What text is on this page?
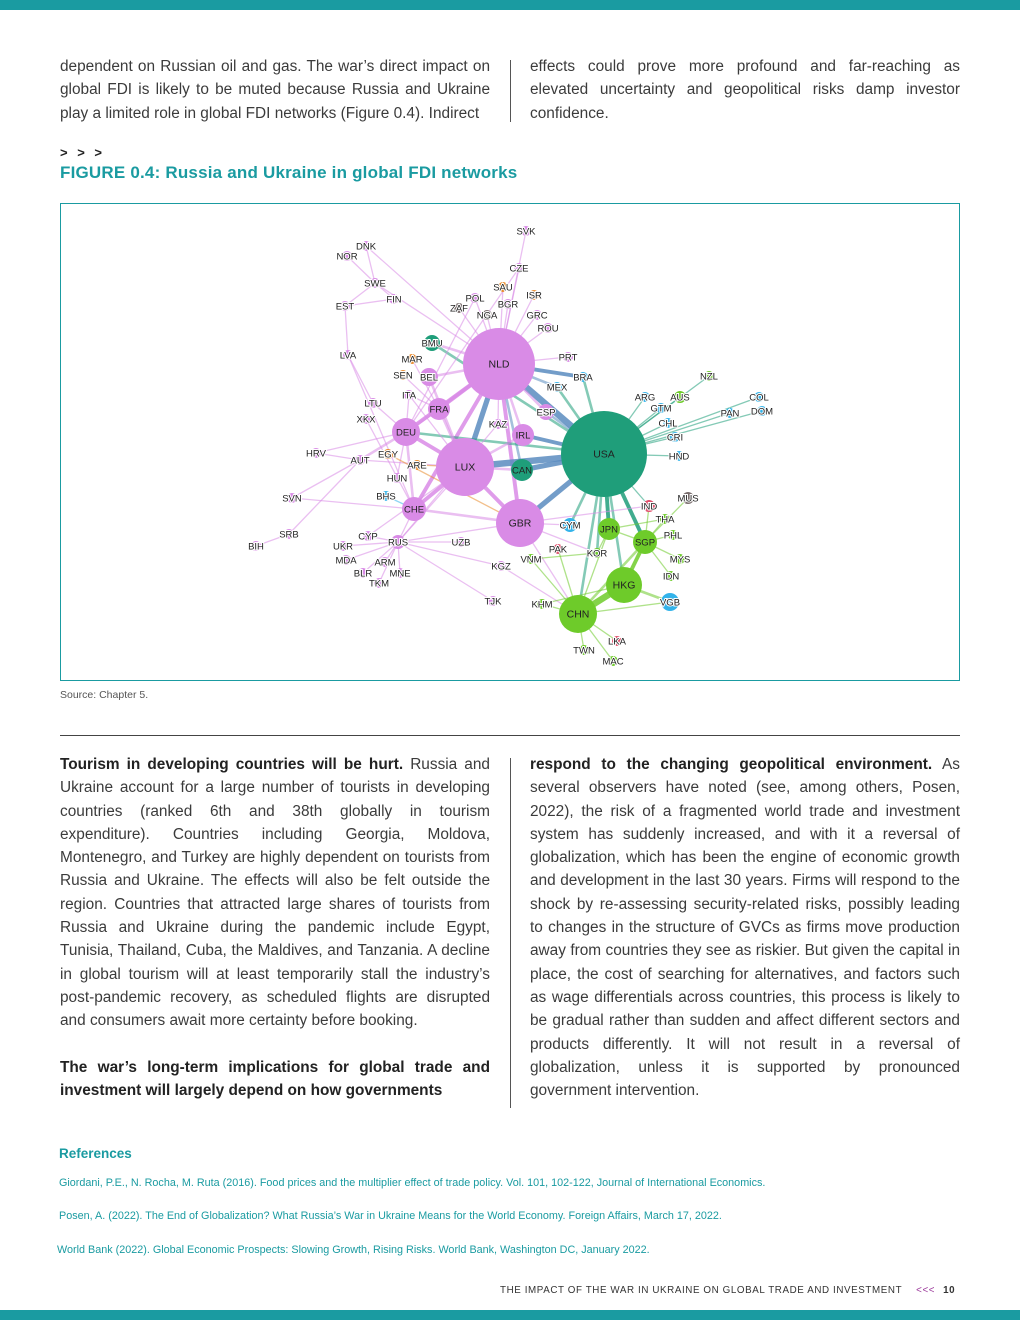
dependent on Russian oil and gas. The war’s direct impact on global FDI is likely to be muted because Russia and Ukraine play a limited role in global FDI networks (Figure 0.4). Indirect

effects could prove more profound and far-reaching as elevated uncertainty and geopolitical risks damp investor confidence.

> > >
FIGURE 0.4: Russia and Ukraine in global FDI networks
NLD
USA
LUX
GBR
CHN
HKG
SGP
JPN
DEU
CHE
FRA
IRL
CAN
BEL
BMU
ESP
RUS
CYM
VGB
KAZ
CYP
KOR
ITA
AUT
HUN
ARE
EGY
BHS
MEX
BRA
IND
MUS
THA
PHL
MYS
IDN
VNM
PAK
KHM
LKA
TWN
MAC
AUS
NZL
ARG
GTM
CHL
CRI
HND
COL
PAN DOM
PRT
SVK
CZE
SAU
ISR
POL
BGR
ZAF
NGA	GRC
ROU
DNK
NOR
SWE
FIN
EST
LVA
LTU
XKX
MAR
SEN
HRV
SVN
SRB
BIH	UKR
MDA ARM
BLR MNE
TKM
UZB
KGZ
TJK
Source: Chapter 5.

Tourism in developing countries will be hurt. Russia and Ukraine account for a large number of tourists in developing countries (ranked 6th and 38th globally in tourism expenditure). Countries including Georgia, Moldova, Montenegro, and Turkey are highly dependent on tourists from Russia and Ukraine. The effects will also be felt outside the region. Countries that attracted large shares of tourists from Russia and Ukraine during the pandemic include Egypt, Tunisia, Thailand, Cuba, the Maldives, and Tanzania. A decline in global tourism will at least temporarily stall the industry’s post-pandemic recovery, as scheduled flights are disrupted and consumers await more certainty before booking.

The war’s long-term implications for global trade and investment will largely depend on how governments

respond to the changing geopolitical environment. As several observers have noted (see, among others, Posen, 2022), the risk of a fragmented world trade and investment system has suddenly increased, and with it a reversal of globalization, which has been the engine of economic growth and development in the last 30 years. Firms will respond to the shock by re-assessing security-related risks, possibly leading to changes in the structure of GVCs as firms move production away from countries they see as riskier. But given the capital in place, the cost of searching for alternatives, and factors such as wage differentials across countries, this process is likely to be gradual rather than sudden and affect different sectors and products differently. It will not result in a reversal of globalization, unless it is supported by pronounced government intervention.

References
Giordani, P.E., N. Rocha, M. Ruta (2016). Food prices and the multiplier effect of trade policy. Vol. 101, 102-122, Journal of International Economics.
Posen, A. (2022). The End of Globalization? What Russia’s War in Ukraine Means for the World Economy. Foreign Affairs, March 17, 2022.
World Bank (2022). Global Economic Prospects: Slowing Growth, Rising Risks. World Bank, Washington DC, January 2022.
THE IMPACT OF THE WAR IN UKRAINE ON GLOBAL TRADE AND INVESTMENT <<< 10
